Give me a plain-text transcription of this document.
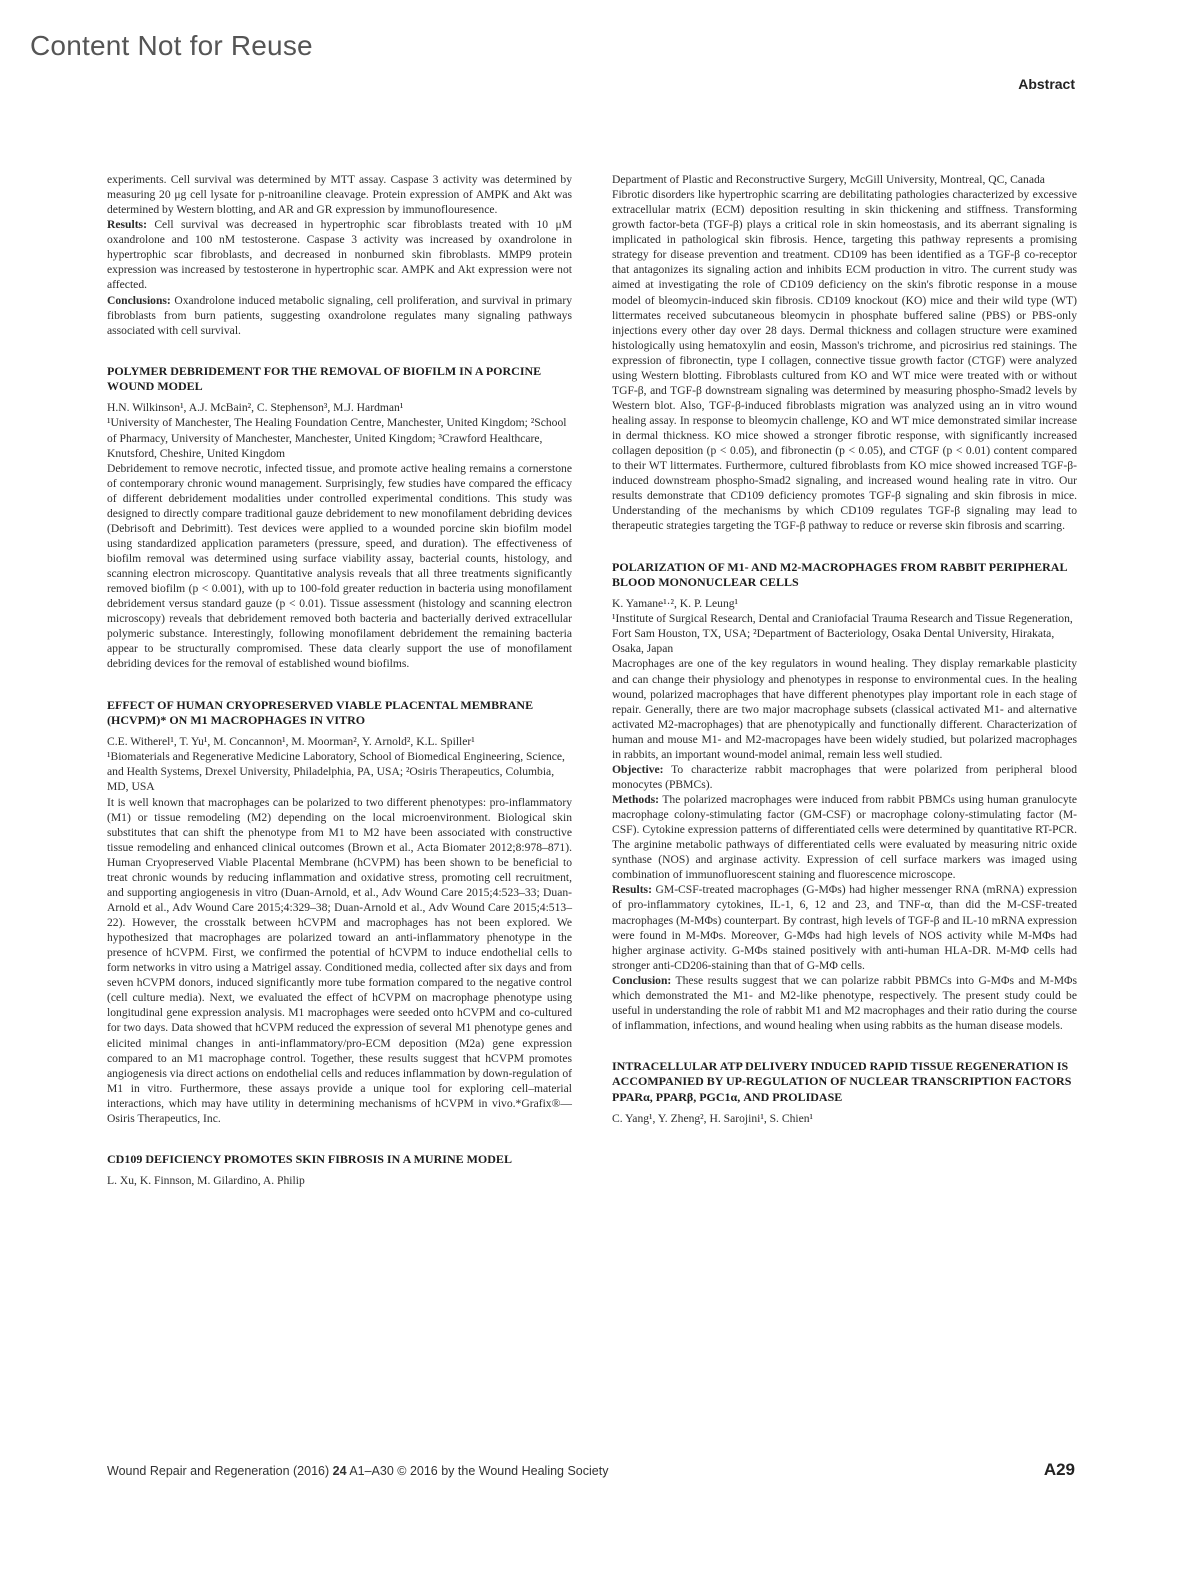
Content Not for Reuse
Abstract

experiments. Cell survival was determined by MTT assay. Caspase 3 activity was determined by measuring 20 μg cell lysate for p-nitroaniline cleavage. Protein expression of AMPK and Akt was determined by Western blotting, and AR and GR expression by immunoflouresence.

Results: Cell survival was decreased in hypertrophic scar fibroblasts treated with 10 μM oxandrolone and 100 nM testosterone. Caspase 3 activity was increased by oxandrolone in hypertrophic scar fibroblasts, and decreased in nonburned skin fibroblasts. MMP9 protein expression was increased by testosterone in hypertrophic scar. AMPK and Akt expression were not affected.

Conclusions: Oxandrolone induced metabolic signaling, cell proliferation, and survival in primary fibroblasts from burn patients, suggesting oxandrolone regulates many signaling pathways associated with cell survival.

POLYMER DEBRIDEMENT FOR THE REMOVAL OF BIOFILM IN A PORCINE WOUND MODEL

H.N. Wilkinson¹, A.J. McBain², C. Stephenson³, M.J. Hardman¹

¹University of Manchester, The Healing Foundation Centre, Manchester, United Kingdom; ²School of Pharmacy, University of Manchester, Manchester, United Kingdom; ³Crawford Healthcare, Knutsford, Cheshire, United Kingdom

Debridement to remove necrotic, infected tissue, and promote active healing remains a cornerstone of contemporary chronic wound management. Surprisingly, few studies have compared the efficacy of different debridement modalities under controlled experimental conditions. This study was designed to directly compare traditional gauze debridement to new monofilament debriding devices (Debrisoft and Debrimitt). Test devices were applied to a wounded porcine skin biofilm model using standardized application parameters (pressure, speed, and duration). The effectiveness of biofilm removal was determined using surface viability assay, bacterial counts, histology, and scanning electron microscopy. Quantitative analysis reveals that all three treatments significantly removed biofilm (p < 0.001), with up to 100-fold greater reduction in bacteria using monofilament debridement versus standard gauze (p < 0.01). Tissue assessment (histology and scanning electron microscopy) reveals that debridement removed both bacteria and bacterially derived extracellular polymeric substance. Interestingly, following monofilament debridement the remaining bacteria appear to be structurally compromised. These data clearly support the use of monofilament debriding devices for the removal of established wound biofilms.

EFFECT OF HUMAN CRYOPRESERVED VIABLE PLACENTAL MEMBRANE (HCVPM)* ON M1 MACROPHAGES IN VITRO

C.E. Witherel¹, T. Yu¹, M. Concannon¹, M. Moorman², Y. Arnold², K.L. Spiller¹

¹Biomaterials and Regenerative Medicine Laboratory, School of Biomedical Engineering, Science, and Health Systems, Drexel University, Philadelphia, PA, USA; ²Osiris Therapeutics, Columbia, MD, USA

It is well known that macrophages can be polarized to two different phenotypes: pro-inflammatory (M1) or tissue remodeling (M2) depending on the local microenvironment. Biological skin substitutes that can shift the phenotype from M1 to M2 have been associated with constructive tissue remodeling and enhanced clinical outcomes (Brown et al., Acta Biomater 2012;8:978–871). Human Cryopreserved Viable Placental Membrane (hCVPM) has been shown to be beneficial to treat chronic wounds by reducing inflammation and oxidative stress, promoting cell recruitment, and supporting angiogenesis in vitro (Duan-Arnold, et al., Adv Wound Care 2015;4:523–33; Duan-Arnold et al., Adv Wound Care 2015;4:329–38; Duan-Arnold et al., Adv Wound Care 2015;4:513–22). However, the crosstalk between hCVPM and macrophages has not been explored. We hypothesized that macrophages are polarized toward an anti-inflammatory phenotype in the presence of hCVPM. First, we confirmed the potential of hCVPM to induce endothelial cells to form networks in vitro using a Matrigel assay. Conditioned media, collected after six days and from seven hCVPM donors, induced significantly more tube formation compared to the negative control (cell culture media). Next, we evaluated the effect of hCVPM on macrophage phenotype using longitudinal gene expression analysis. M1 macrophages were seeded onto hCVPM and co-cultured for two days. Data showed that hCVPM reduced the expression of several M1 phenotype genes and elicited minimal changes in anti-inflammatory/pro-ECM deposition (M2a) gene expression compared to an M1 macrophage control. Together, these results suggest that hCVPM promotes angiogenesis via direct actions on endothelial cells and reduces inflammation by down-regulation of M1 in vitro. Furthermore, these assays provide a unique tool for exploring cell–material interactions, which may have utility in determining mechanisms of hCVPM in vivo.*Grafix®—Osiris Therapeutics, Inc.

CD109 DEFICIENCY PROMOTES SKIN FIBROSIS IN A MURINE MODEL

L. Xu, K. Finnson, M. Gilardino, A. Philip

Department of Plastic and Reconstructive Surgery, McGill University, Montreal, QC, Canada

Fibrotic disorders like hypertrophic scarring are debilitating pathologies characterized by excessive extracellular matrix (ECM) deposition resulting in skin thickening and stiffness. Transforming growth factor-beta (TGF-β) plays a critical role in skin homeostasis, and its aberrant signaling is implicated in pathological skin fibrosis. Hence, targeting this pathway represents a promising strategy for disease prevention and treatment. CD109 has been identified as a TGF-β co-receptor that antagonizes its signaling action and inhibits ECM production in vitro. The current study was aimed at investigating the role of CD109 deficiency on the skin's fibrotic response in a mouse model of bleomycin-induced skin fibrosis. CD109 knockout (KO) mice and their wild type (WT) littermates received subcutaneous bleomycin in phosphate buffered saline (PBS) or PBS-only injections every other day over 28 days. Dermal thickness and collagen structure were examined histologically using hematoxylin and eosin, Masson's trichrome, and picrosirius red stainings. The expression of fibronectin, type I collagen, connective tissue growth factor (CTGF) were analyzed using Western blotting. Fibroblasts cultured from KO and WT mice were treated with or without TGF-β, and TGF-β downstream signaling was determined by measuring phospho-Smad2 levels by Western blot. Also, TGF-β-induced fibroblasts migration was analyzed using an in vitro wound healing assay. In response to bleomycin challenge, KO and WT mice demonstrated similar increase in dermal thickness. KO mice showed a stronger fibrotic response, with significantly increased collagen deposition (p < 0.05), and fibronectin (p < 0.05), and CTGF (p < 0.01) content compared to their WT littermates. Furthermore, cultured fibroblasts from KO mice showed increased TGF-β-induced downstream phospho-Smad2 signaling, and increased wound healing rate in vitro. Our results demonstrate that CD109 deficiency promotes TGF-β signaling and skin fibrosis in mice. Understanding of the mechanisms by which CD109 regulates TGF-β signaling may lead to therapeutic strategies targeting the TGF-β pathway to reduce or reverse skin fibrosis and scarring.

POLARIZATION OF M1- AND M2-MACROPHAGES FROM RABBIT PERIPHERAL BLOOD MONONUCLEAR CELLS

K. Yamane¹·², K. P. Leung¹

¹Institute of Surgical Research, Dental and Craniofacial Trauma Research and Tissue Regeneration, Fort Sam Houston, TX, USA; ²Department of Bacteriology, Osaka Dental University, Hirakata, Osaka, Japan

Macrophages are one of the key regulators in wound healing. They display remarkable plasticity and can change their physiology and phenotypes in response to environmental cues. In the healing wound, polarized macrophages that have different phenotypes play important role in each stage of repair. Generally, there are two major macrophage subsets (classical activated M1- and alternative activated M2-macrophages) that are phenotypically and functionally different. Characterization of human and mouse M1- and M2-macropages have been widely studied, but polarized macrophages in rabbits, an important wound-model animal, remain less well studied.

Objective: To characterize rabbit macrophages that were polarized from peripheral blood monocytes (PBMCs).

Methods: The polarized macrophages were induced from rabbit PBMCs using human granulocyte macrophage colony-stimulating factor (GM-CSF) or macrophage colony-stimulating factor (M-CSF). Cytokine expression patterns of differentiated cells were determined by quantitative RT-PCR. The arginine metabolic pathways of differentiated cells were evaluated by measuring nitric oxide synthase (NOS) and arginase activity. Expression of cell surface markers was imaged using combination of immunofluorescent staining and fluorescence microscope.

Results: GM-CSF-treated macrophages (G-MΦs) had higher messenger RNA (mRNA) expression of pro-inflammatory cytokines, IL-1, 6, 12 and 23, and TNF-α, than did the M-CSF-treated macrophages (M-MΦs) counterpart. By contrast, high levels of TGF-β and IL-10 mRNA expression were found in M-MΦs. Moreover, G-MΦs had high levels of NOS activity while M-MΦs had higher arginase activity. G-MΦs stained positively with anti-human HLA-DR. M-MΦ cells had stronger anti-CD206-staining than that of G-MΦ cells.

Conclusion: These results suggest that we can polarize rabbit PBMCs into G-MΦs and M-MΦs which demonstrated the M1- and M2-like phenotype, respectively. The present study could be useful in understanding the role of rabbit M1 and M2 macrophages and their ratio during the course of inflammation, infections, and wound healing when using rabbits as the human disease models.

INTRACELLULAR ATP DELIVERY INDUCED RAPID TISSUE REGENERATION IS ACCOMPANIED BY UP-REGULATION OF NUCLEAR TRANSCRIPTION FACTORS PPARα, PPARβ, PGC1α, AND PROLIDASE

C. Yang¹, Y. Zheng², H. Sarojini¹, S. Chien¹

Wound Repair and Regeneration (2016) 24 A1–A30 © 2016 by the Wound Healing Society	A29
